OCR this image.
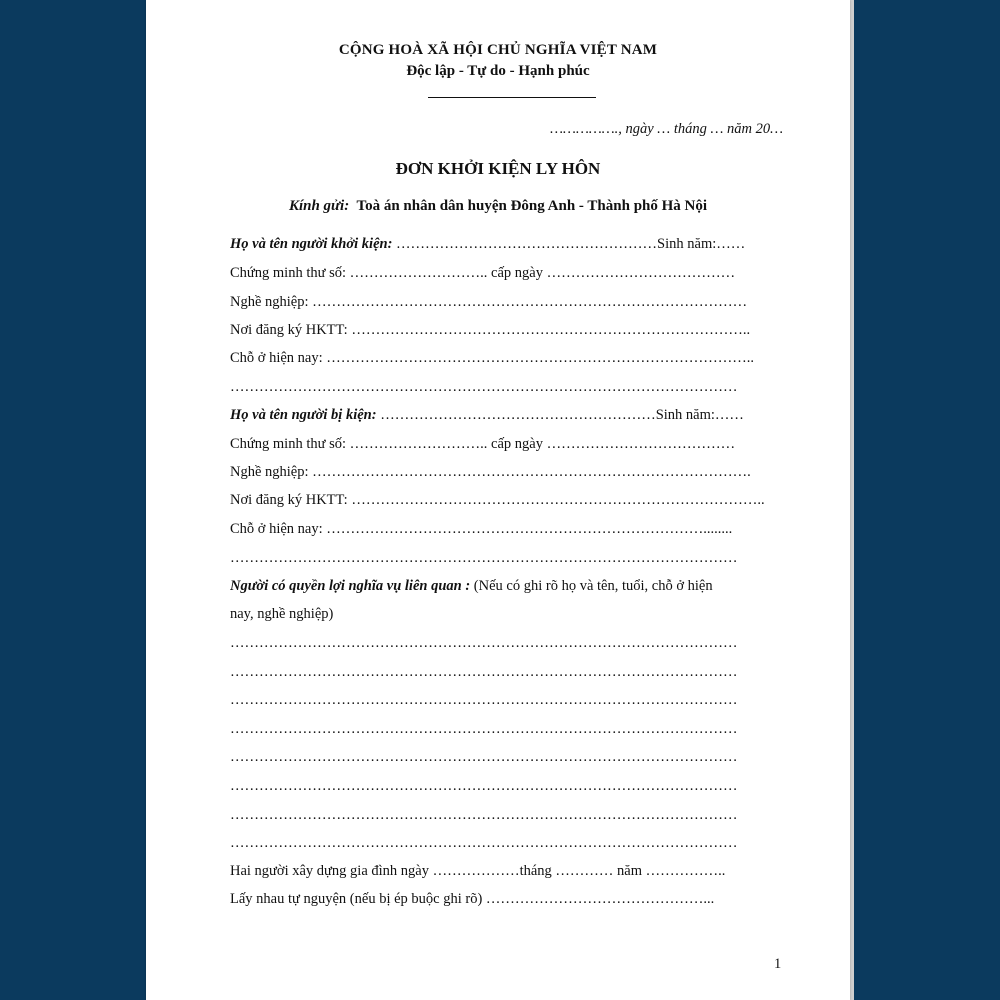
CỘNG HOÀ XÃ HỘI CHỦ NGHĨA VIỆT NAM
Độc lập - Tự do - Hạnh phúc
……………., ngày … tháng … năm 20…
ĐƠN KHỞI KIỆN LY HÔN
Kính gửi: Toà án nhân dân huyện Đông Anh - Thành phố Hà Nội
Họ và tên người khởi kiện: ………………………………………………Sinh năm:……
Chứng minh thư số: ……………………….. cấp ngày …………………………………
Nghề nghiệp: ………………………………………………………………………………
Nơi đăng ký HKTT: ………………………………………………………………………..
Chỗ ở hiện nay: ……………………………………………………………………………..
……………………………………………………………………………………………
Họ và tên người bị kiện: …………………………………………………Sinh năm:……
Chứng minh thư số: ……………………….. cấp ngày …………………………………
Nghề nghiệp: ……………………………………………………………………………….
Nơi đăng ký HKTT: …………………………………………………………………………..
Chỗ ở hiện nay: ……………………………………………………………………........
……………………………………………………………………………………………
Người có quyền lợi nghĩa vụ liên quan : (Nếu có ghi rõ họ và tên, tuổi, chỗ ở hiện
nay, nghề nghiệp)
……………………………………………………………………………………………
……………………………………………………………………………………………
……………………………………………………………………………………………
……………………………………………………………………………………………
……………………………………………………………………………………………
……………………………………………………………………………………………
……………………………………………………………………………………………
……………………………………………………………………………………………
Hai người xây dựng gia đình ngày ………………tháng ………… năm ……………..
Lấy nhau tự nguyện (nếu bị ép buộc ghi rõ) ………………………………………...
1
